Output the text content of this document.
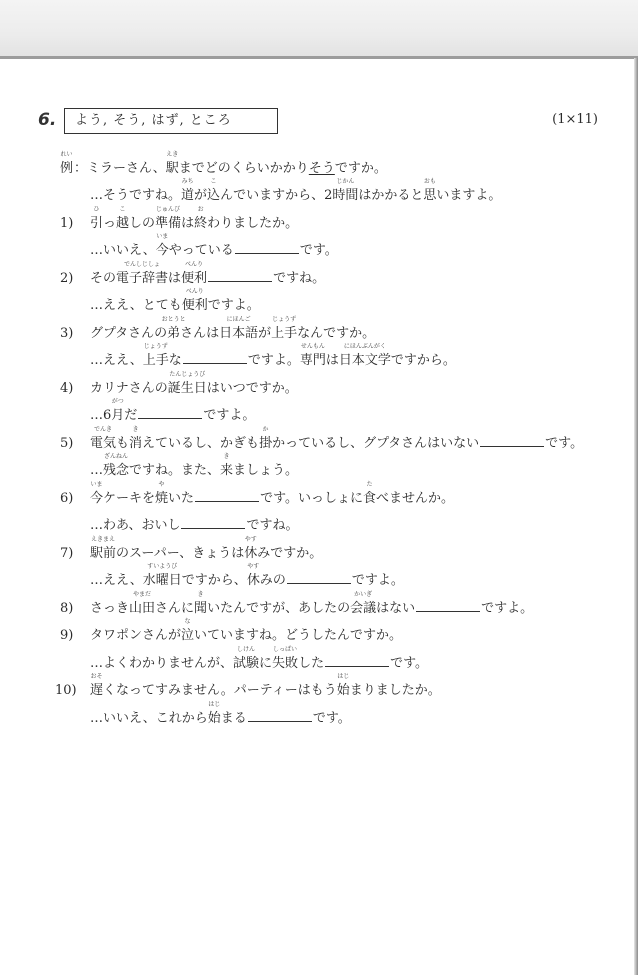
6.	よう, そう, はず, ところ	(1×11)
例
れい
：ミラーさん、駅
えき
までどのくらいかかりそうですか。
…そうですね。道
みち
が込
こ
んでいますから、2時間
じかん
はかかると思
おも
いますよ。
1) 引
ひ
っ越
こ
しの準備
じゅんび
は終
お
わりましたか。
…いいえ、今
いま
やっている	です。
2) その電子辞書
でんしじしょ
は便利
べんり
ですね。
…ええ、とても便利
べんり
ですよ。
3) グプタさんの弟
おとうと
さんは日本語
にほんご
が上手
じょうず
なんですか。
…ええ、上手
じょうず
な	ですよ。専門
せんもん
は日本文学
にほんぶんがく
ですから。
4) カリナさんの誕生日
たんじょうび
はいつですか。
…6月
がつ
だ	ですよ。
5) 電気
でんき
も消
き
えているし、かぎも掛
か
かっているし、グプタさんはいない	です。
…残念
ざんねん
ですね。また、来
き
ましょう。
6) 今
いま
ケーキを焼
や
いた	です。いっしょに食
た
べませんか。
…わあ、おいし	ですね。
7) 駅前
えきまえ
のスーパー、きょうは休
やす
みですか。
…ええ、水曜日
すいようび
ですから、休
やす
みの	ですよ。
8) さっき山田
やまだ
さんに聞
き
いたんですが、あしたの会議
かいぎ
はない	ですよ。
9) タワポンさんが泣
な
いていますね。どうしたんですか。
…よくわかりませんが、試験
しけん
に失敗
しっぱい
した	です。
10) 遅
おそ
くなってすみません。パーティーはもう始
はじ
まりましたか。
…いいえ、これから始
はじ
まる	です。
